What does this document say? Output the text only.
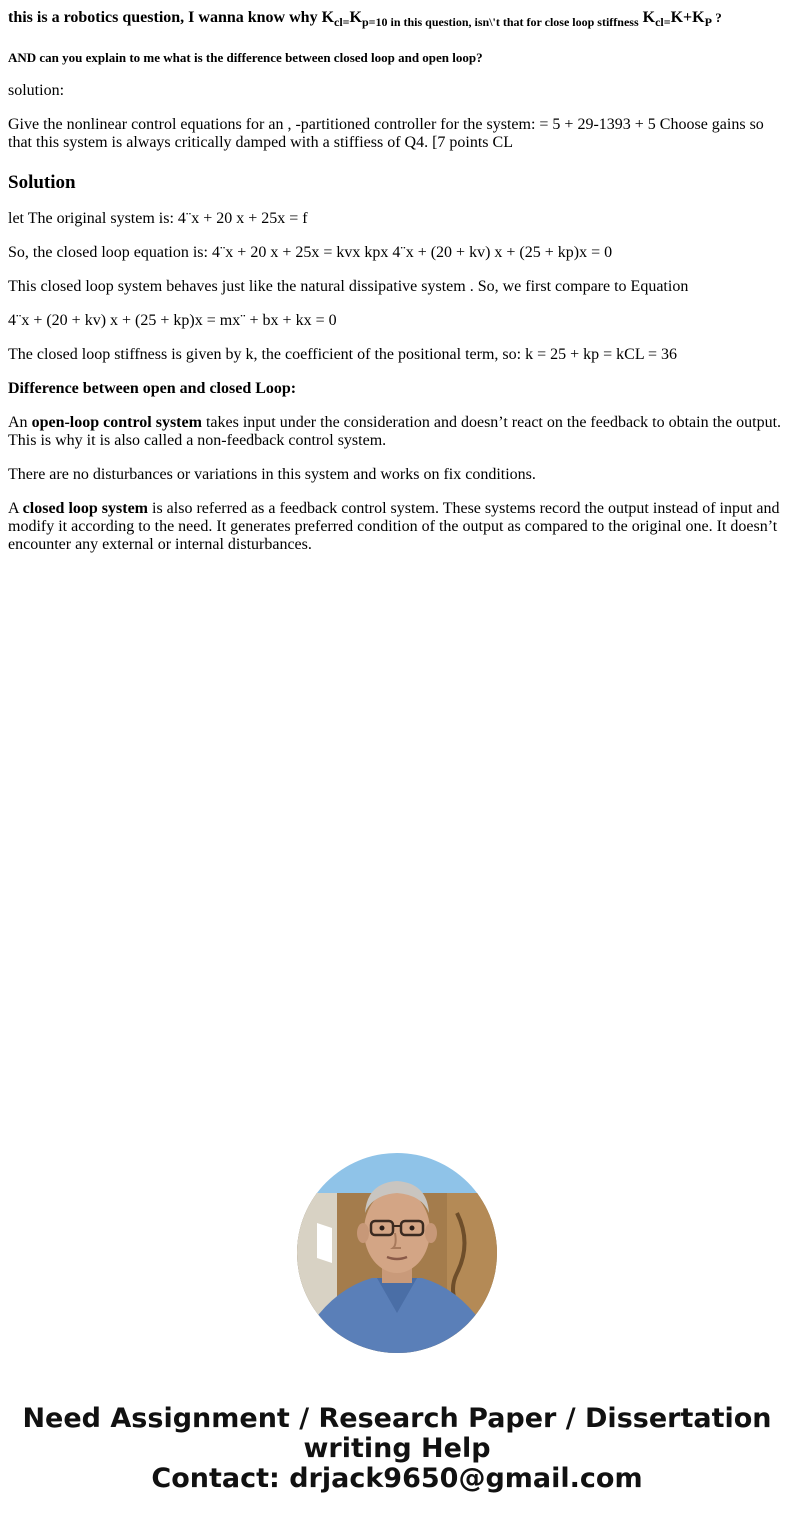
this is a robotics question, I wanna know why $K_{cl=}K_{p=10 in this question, isn\backslash't that for close loop stiffness}$ $K_{cl=}K+K_P$ ?
AND can you explain to me what is the difference between closed loop and open loop?

solution:

Give the nonlinear control equations for an , -partitioned controller for the system: = 5 + 29-1393 + 5 Choose gains so that this system is always critically damped with a stiffiess of Q4. [7 points CL

Solution

let The original system is: 4¨x + 20 x + 25x = f

So, the closed loop equation is: 4¨x + 20 x + 25x = kvx kpx 4¨x + (20 + kv) x + (25 + kp)x = 0

This closed loop system behaves just like the natural dissipative system . So, we first compare to Equation

4¨x + (20 + kv) x + (25 + kp)x = mx¨ + bx + kx = 0

The closed loop stiffness is given by k, the coefficient of the positional term, so: k = 25 + kp = kCL = 36

Difference between open and closed Loop:

An open-loop control system takes input under the consideration and doesn’t react on the feedback to obtain the output. This is why it is also called a non-feedback control system.

There are no disturbances or variations in this system and works on fix conditions.

A closed loop system is also referred as a feedback control system. These systems record the output instead of input and modify it according to the need. It generates preferred condition of the output as compared to the original one. It doesn’t encounter any external or internal disturbances.

Need Assignment / Research Paper / Dissertation
writing Help
Contact: drjack9650@gmail.com
